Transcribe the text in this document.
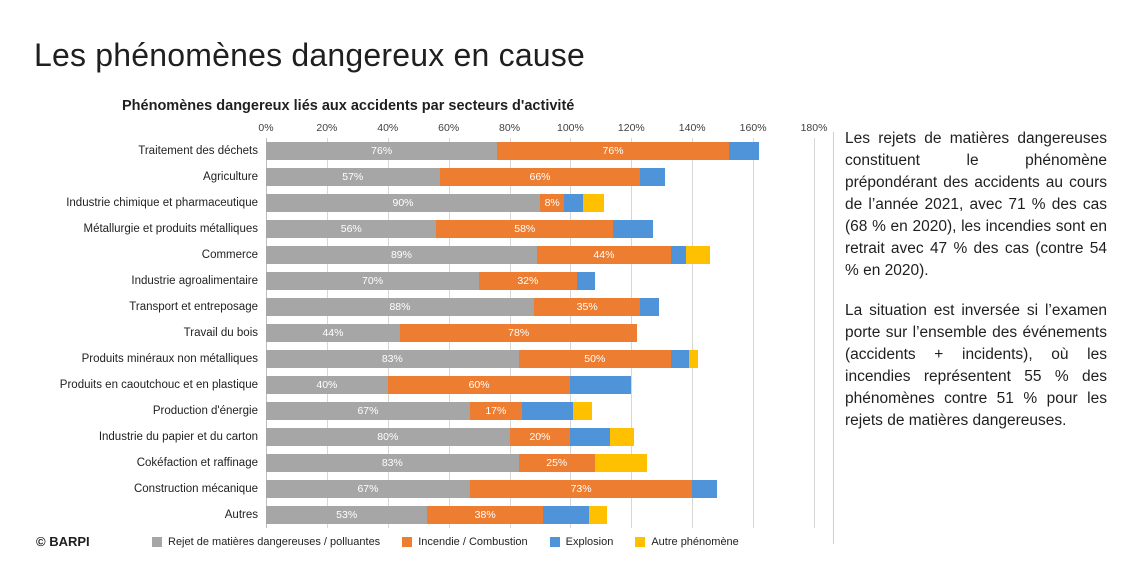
Les phénomènes dangereux en cause
Phénomènes dangereux liés aux accidents par secteurs d'activité
0%	20%	40%	60%	80%	100%	120%	140%	160%	180%
Traitement des déchets	76%	76%
Agriculture	57%	66%
Industrie chimique et pharmaceutique	90%	8%
Métallurgie et produits métalliques	56%	58%
Commerce	89%	44%
Industrie agroalimentaire	70%	32%
Transport et entreposage	88%	35%
Travail du bois	44%	78%
Produits minéraux non métalliques	83%	50%
Produits en caoutchouc et en plastique	40%	60%
Production d'énergie	67%	17%
Industrie du papier et du carton	80%	20%
Cokéfaction et raffinage	83%	25%
Construction mécanique	67%	73%
Autres	53%	38%
Rejet de matières dangereuses / polluantes	Incendie / Combustion	Explosion	Autre phénomène
© BARPI

Les rejets de matières dangereuses constituent le phénomène prépondérant des accidents au cours de l’année 2021, avec 71 % des cas (68 % en 2020), les incendies sont en retrait avec 47 % des cas (contre 54 % en 2020).

La situation est inversée si l’examen porte sur l’ensemble des événements (accidents + incidents), où les incendies représentent 55 % des phénomènes contre 51 % pour les rejets de matières dangereuses.
